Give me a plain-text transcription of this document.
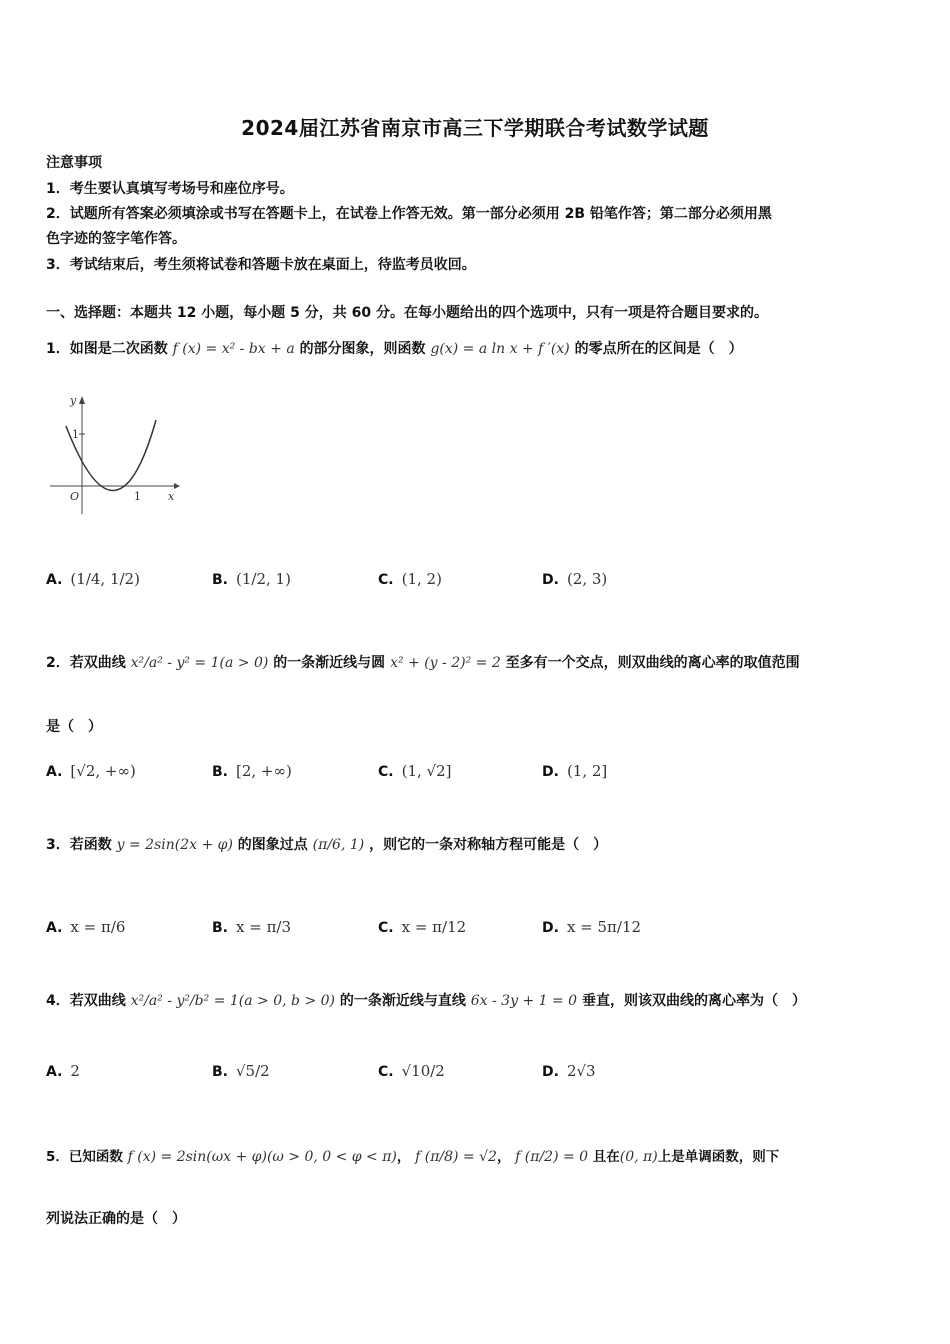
2024届江苏省南京市高三下学期联合考试数学试题
注意事项
1．考生要认真填写考场号和座位序号。
2．试题所有答案必须填涂或书写在答题卡上，在试卷上作答无效。第一部分必须用 2B 铅笔作答；第二部分必须用黑
色字迹的签字笔作答。
3．考试结束后，考生须将试卷和答题卡放在桌面上，待监考员收回。
一、选择题：本题共 12 小题，每小题 5 分，共 60 分。在每小题给出的四个选项中，只有一项是符合题目要求的。
1．如图是二次函数 f (x) = x² - bx + a 的部分图象，则函数 g(x) = a ln x + f ′(x) 的零点所在的区间是（　）
y
x
O
1
1
A. (1/4, 1/2)	B. (1/2, 1)	C. (1, 2)	D. (2, 3)
2．若双曲线 x²/a² - y² = 1(a > 0) 的一条渐近线与圆 x² + (y - 2)² = 2 至多有一个交点，则双曲线的离心率的取值范围
是（　）
A. [√2, +∞)	B. [2, +∞)	C. (1, √2]	D. (1, 2]
3．若函数 y = 2sin(2x + φ) 的图象过点 (π/6, 1) ，则它的一条对称轴方程可能是（　）
A. x = π/6	B. x = π/3	C. x = π/12	D. x = 5π/12
4．若双曲线 x²/a² - y²/b² = 1(a > 0, b > 0) 的一条渐近线与直线 6x - 3y + 1 = 0 垂直，则该双曲线的离心率为（　）
A. 2	B. √5/2	C. √10/2	D. 2√3
5．已知函数 f (x) = 2sin(ωx + φ)(ω > 0, 0 < φ < π)， f (π/8) = √2， f (π/2) = 0 且在(0, π)上是单调函数，则下
列说法正确的是（　）
